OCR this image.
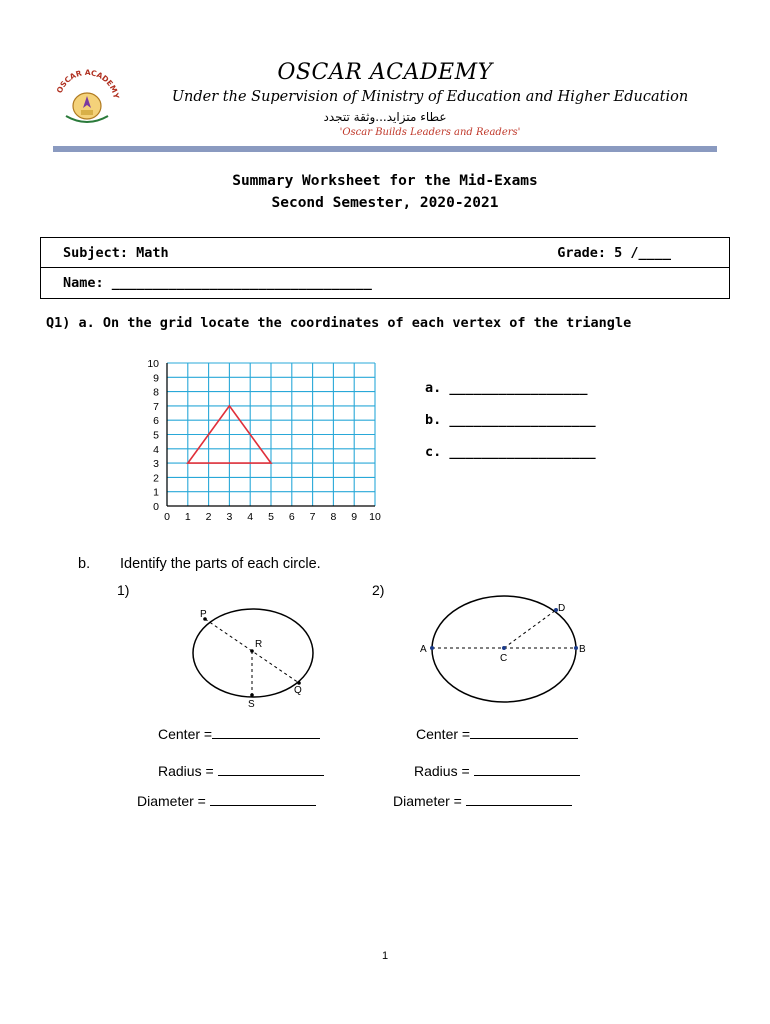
OSCAR ACADEMY
OSCAR ACADEMY
Under the Supervision of Ministry of Education and Higher Education
عطاء متزايد...وثقة تتجدد
'Oscar Builds Leaders and Readers'
Summary Worksheet for the Mid-Exams
Second Semester, 2020-2021
Subject: Math	Grade: 5 /____
Name: ________________________________
Q1) a. On the grid locate the coordinates of each vertex of the triangle
0 1 2 3 4 5 6 7 8 9 10
0
1
2
3
4
5
6
7
8
9
10
a. _________________
b. __________________
c. __________________
b. Identify the parts of each circle.
1)	2)
P
R
Q
S
A	B
C
D
Center =
Radius =
Diameter =
Center =
Radius =
Diameter =
1
